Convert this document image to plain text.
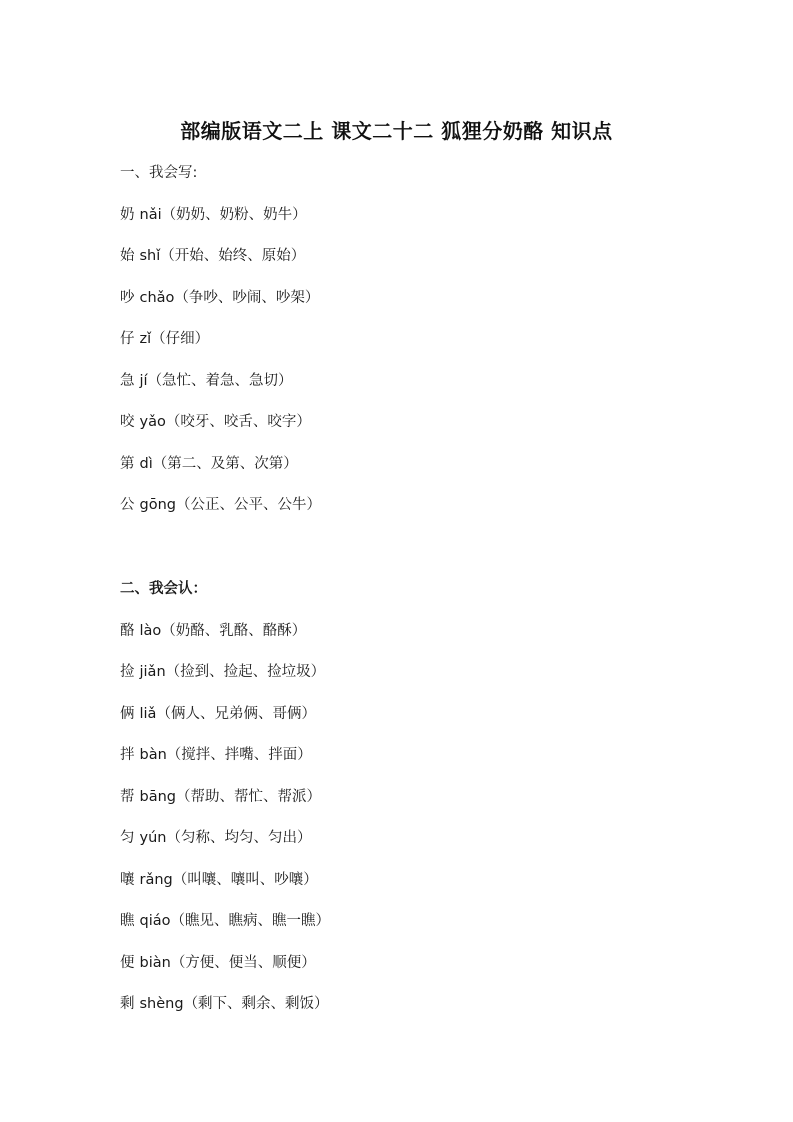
部编版语文二上 课文二十二 狐狸分奶酪 知识点

一、我会写:

奶 nǎi（奶奶、奶粉、奶牛）
始 shǐ（开始、始终、原始）
吵 chǎo（争吵、吵闹、吵架）
仔 zǐ（仔细）
急 jí（急忙、着急、急切）
咬 yǎo（咬牙、咬舌、咬字）
第 dì（第二、及第、次第）
公 gōng（公正、公平、公牛）

二、我会认：

酪 lào（奶酪、乳酪、酪酥）
捡 jiǎn（捡到、捡起、捡垃圾）
俩 liǎ（俩人、兄弟俩、哥俩）
拌 bàn（搅拌、拌嘴、拌面）
帮 bāng（帮助、帮忙、帮派）
匀 yún（匀称、均匀、匀出）
嚷 rǎng（叫嚷、嚷叫、吵嚷）
瞧 qiáo（瞧见、瞧病、瞧一瞧）
便 biàn（方便、便当、顺便）
剩 shèng（剩下、剩余、剩饭）
